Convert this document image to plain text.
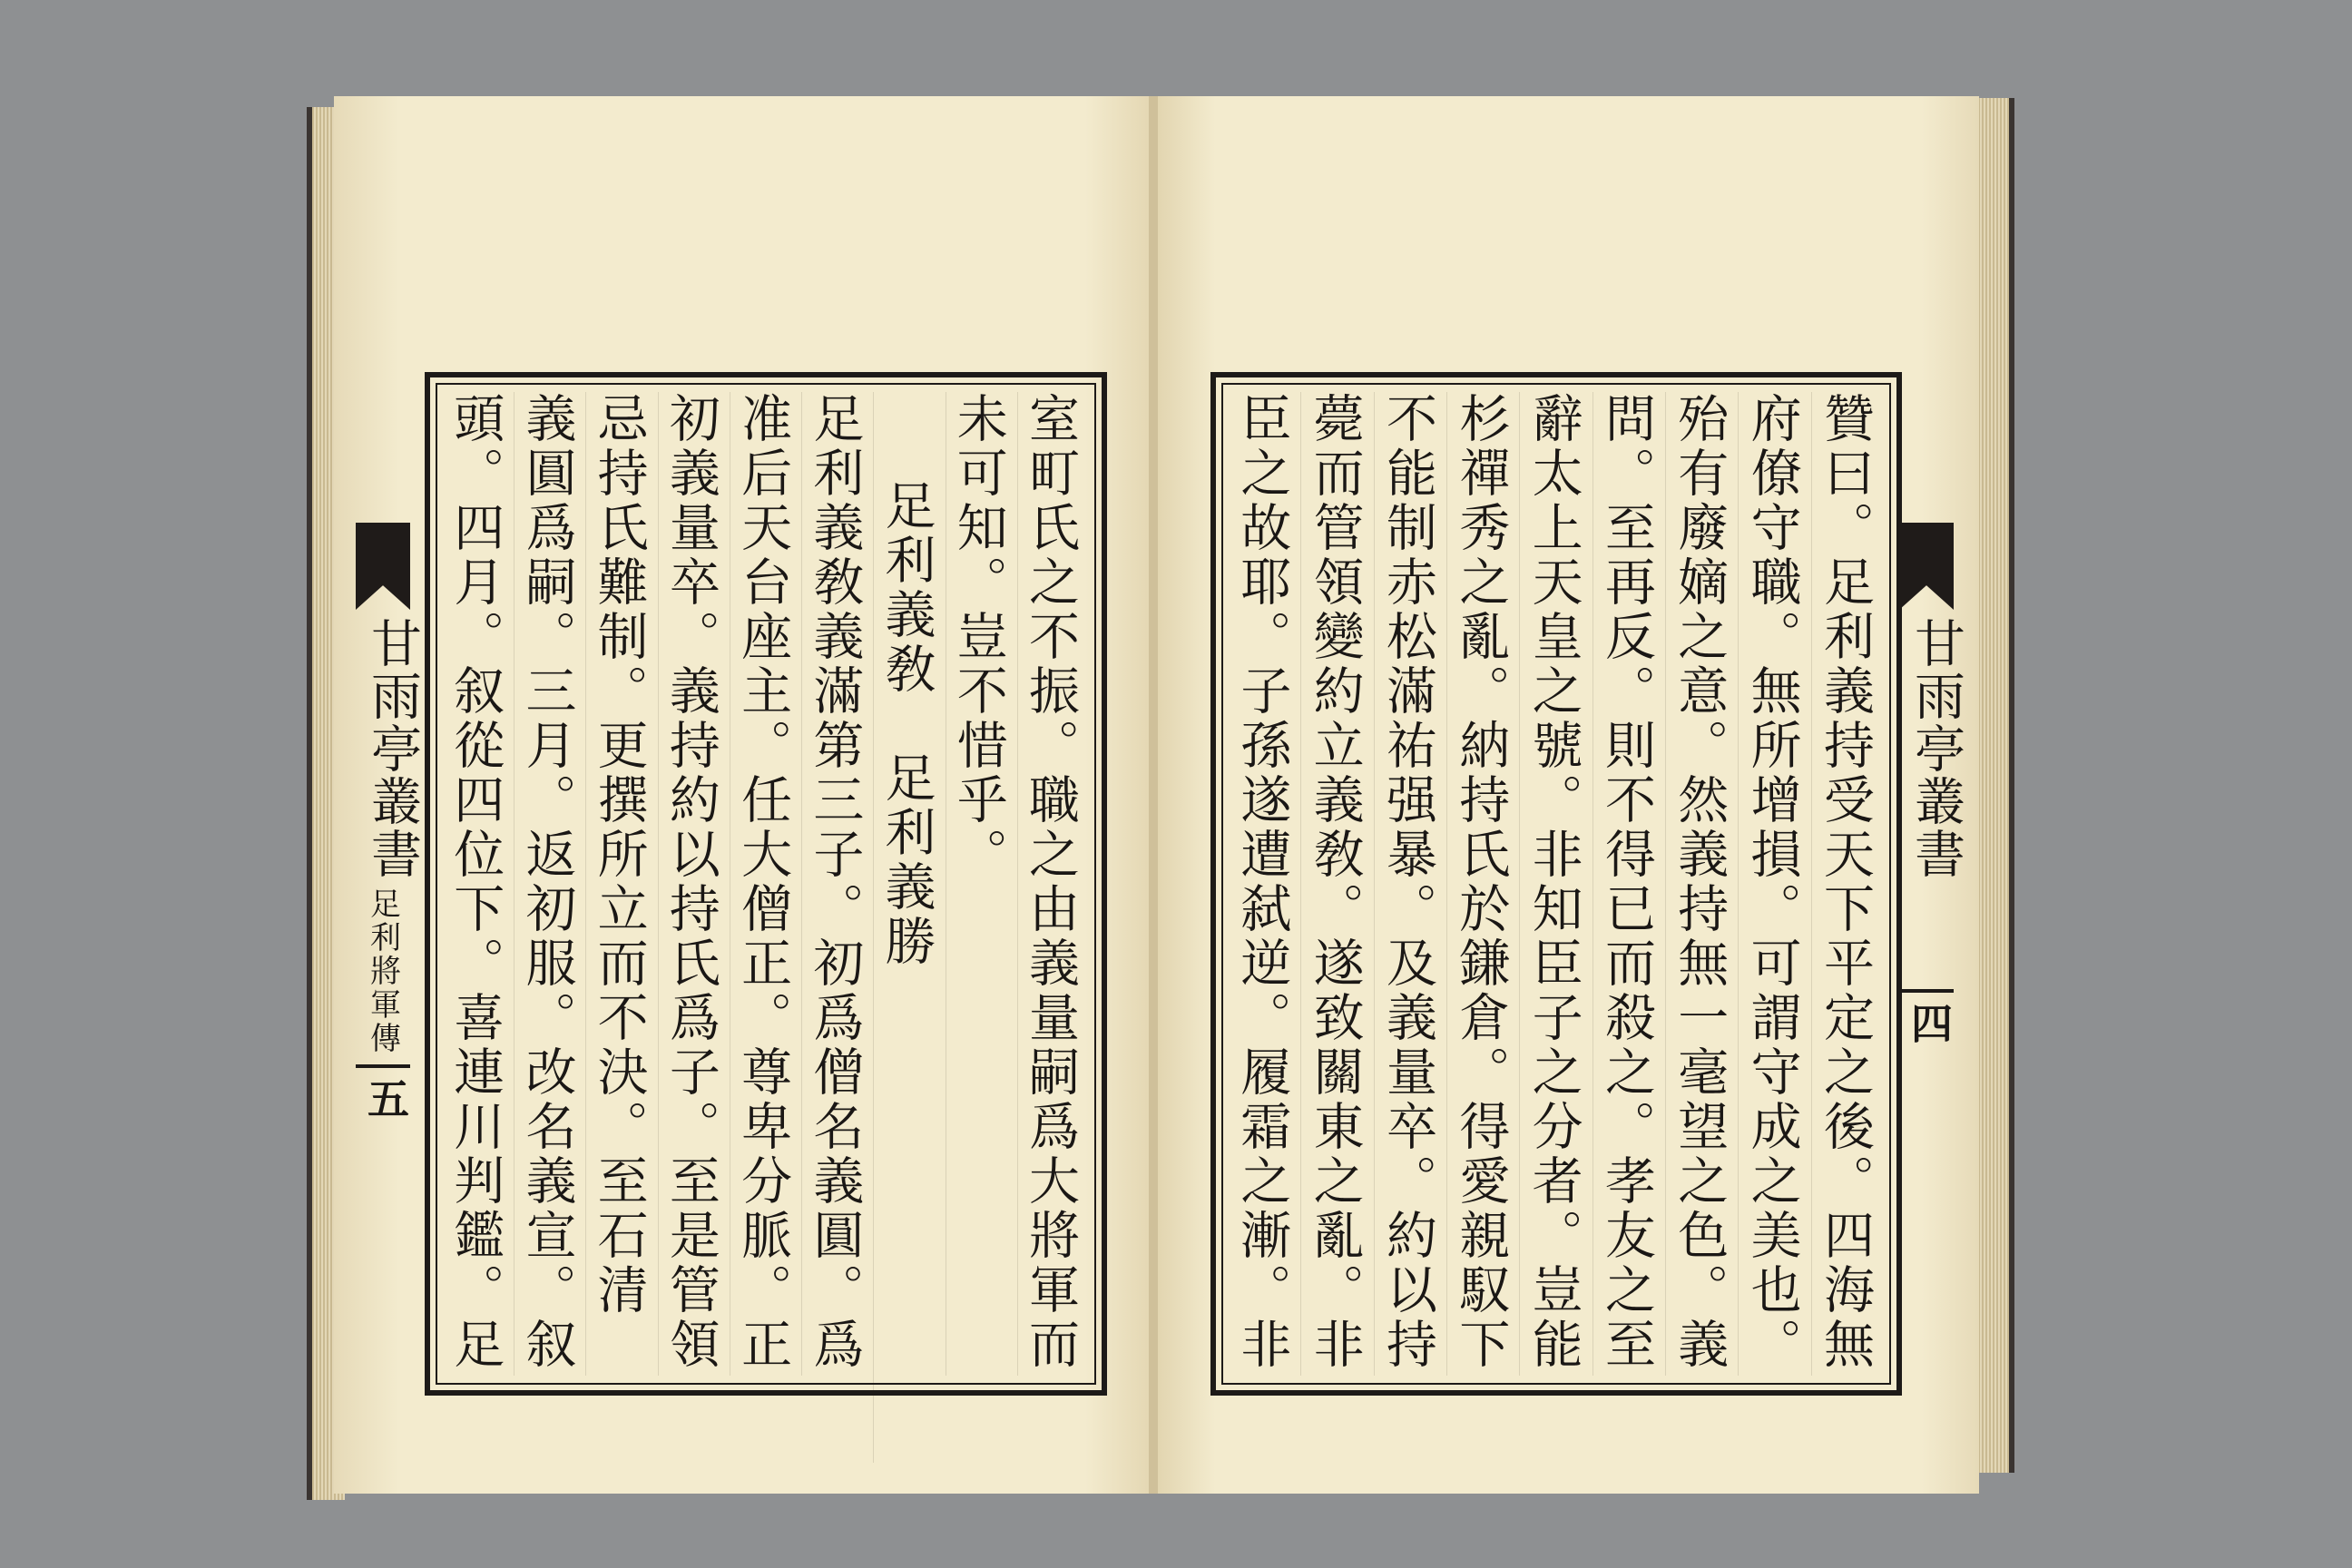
甘雨亭叢書
足利將軍傳
五
室町氏之不振。職之由義量嗣爲大將軍而
未可知。豈不惜乎。
足利義敎　足利義勝
足利義敎義滿第三子。初爲僧名義圓。爲
准后天台座主。任大僧正。尊卑分脈。正
初義量卒。義持約以持氏爲子。至是管領
忌持氏難制。更撰所立而不決。至石清
義圓爲嗣。三月。返初服。改名義宣。叙
頭。四月。叙從四位下。喜連川判鑑。足
贊曰。足利義持受天下平定之後。四海無
府僚守職。無所增損。可謂守成之美也。
殆有廢嫡之意。然義持無一毫望之色。義
問。至再反。則不得已而殺之。孝友之至
辭太上天皇之號。非知臣子之分者。豈能
杉禪秀之亂。納持氏於鎌倉。得愛親馭下
不能制赤松滿祐强暴。及義量卒。約以持
薨而管領變約立義敎。遂致關東之亂。非
臣之故耶。子孫遂遭弑逆。履霜之漸。非
甘雨亭叢書
四
